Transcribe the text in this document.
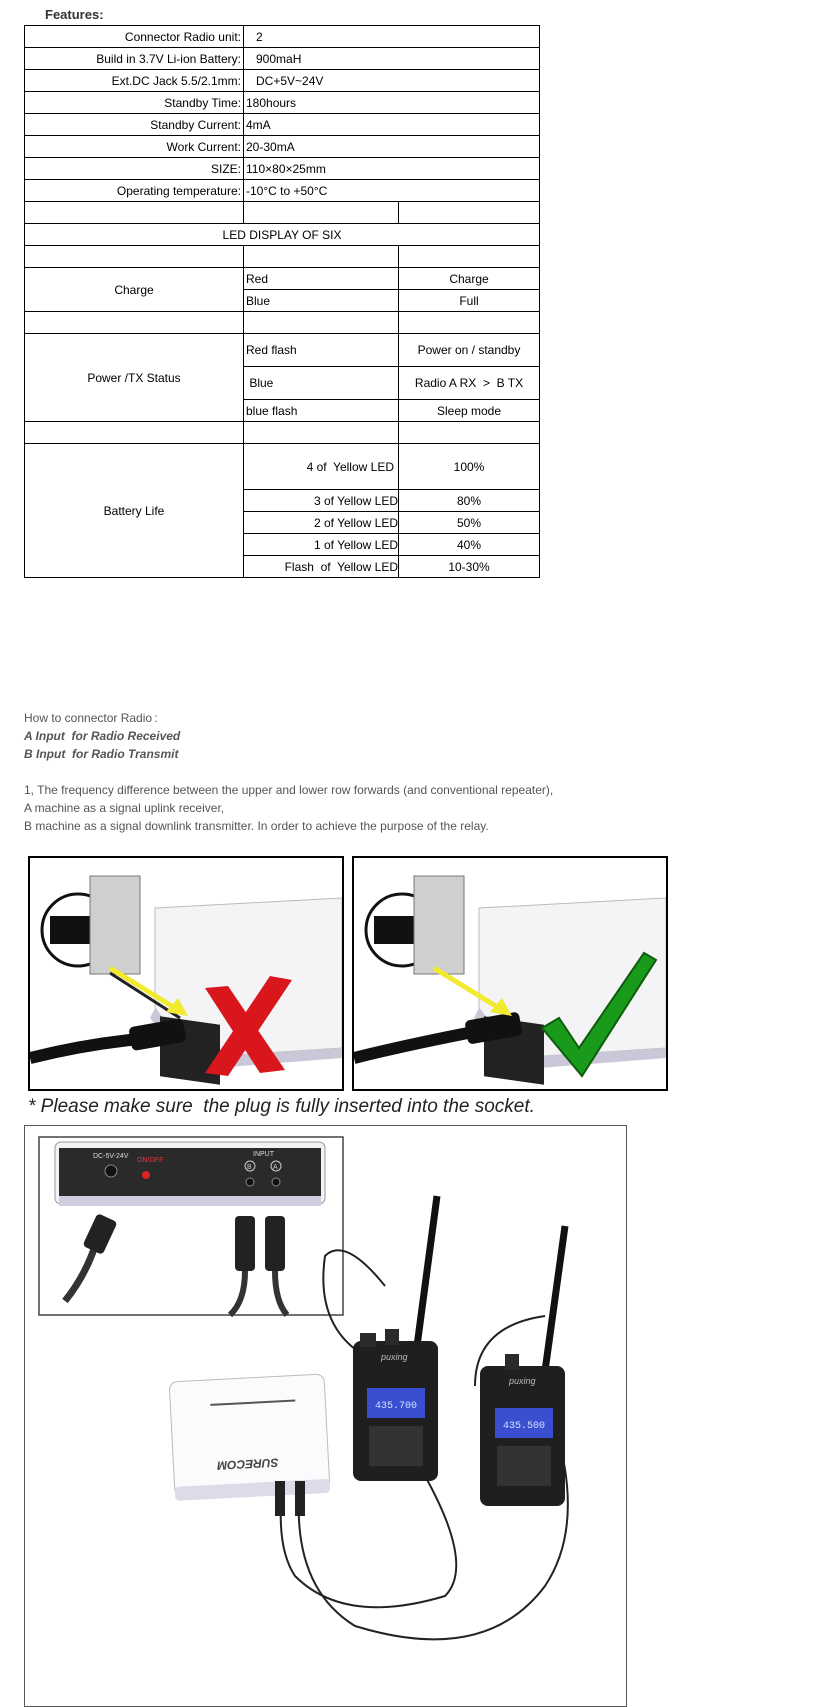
Features:
Connector Radio unit:	2	
Build in 3.7V Li-ion Battery:	900maH	
Ext.DC Jack 5.5/2.1mm:	DC+5V~24V	
Standby Time:	180hours	
Standby Current:	4mA	
Work Current:	20-30mA	
SIZE:	110×80×25mm	
Operating temperature:	-10°C to +50°C	

LED DISPLAY OF SIX		

Charge	Red	Charge
	Blue	Full

Power /TX Status	Red flash	Power on / standby
	Blue	Radio A RX  >  B TX
	blue flash	Sleep mode

Battery Life	4 of  Yellow LED	100%
	3 of Yellow LED	80%
	2 of Yellow LED	50%
	1 of Yellow LED	40%
	Flash  of  Yellow LED	10-30%

How to connector Radio :

A Input  for Radio Received

B Input  for Radio Transmit

1, The frequency difference between the upper and lower row forwards (and conventional repeater),

A machine as a signal uplink receiver,

B machine as a signal downlink transmitter. In order to achieve the purpose of the relay.

* Please make sure  the plug is fully inserted into the socket.
DC-5V-24V
ON/OFF
INPUT
B	A
SURECOM
435.700
puxing
435.500
puxing
